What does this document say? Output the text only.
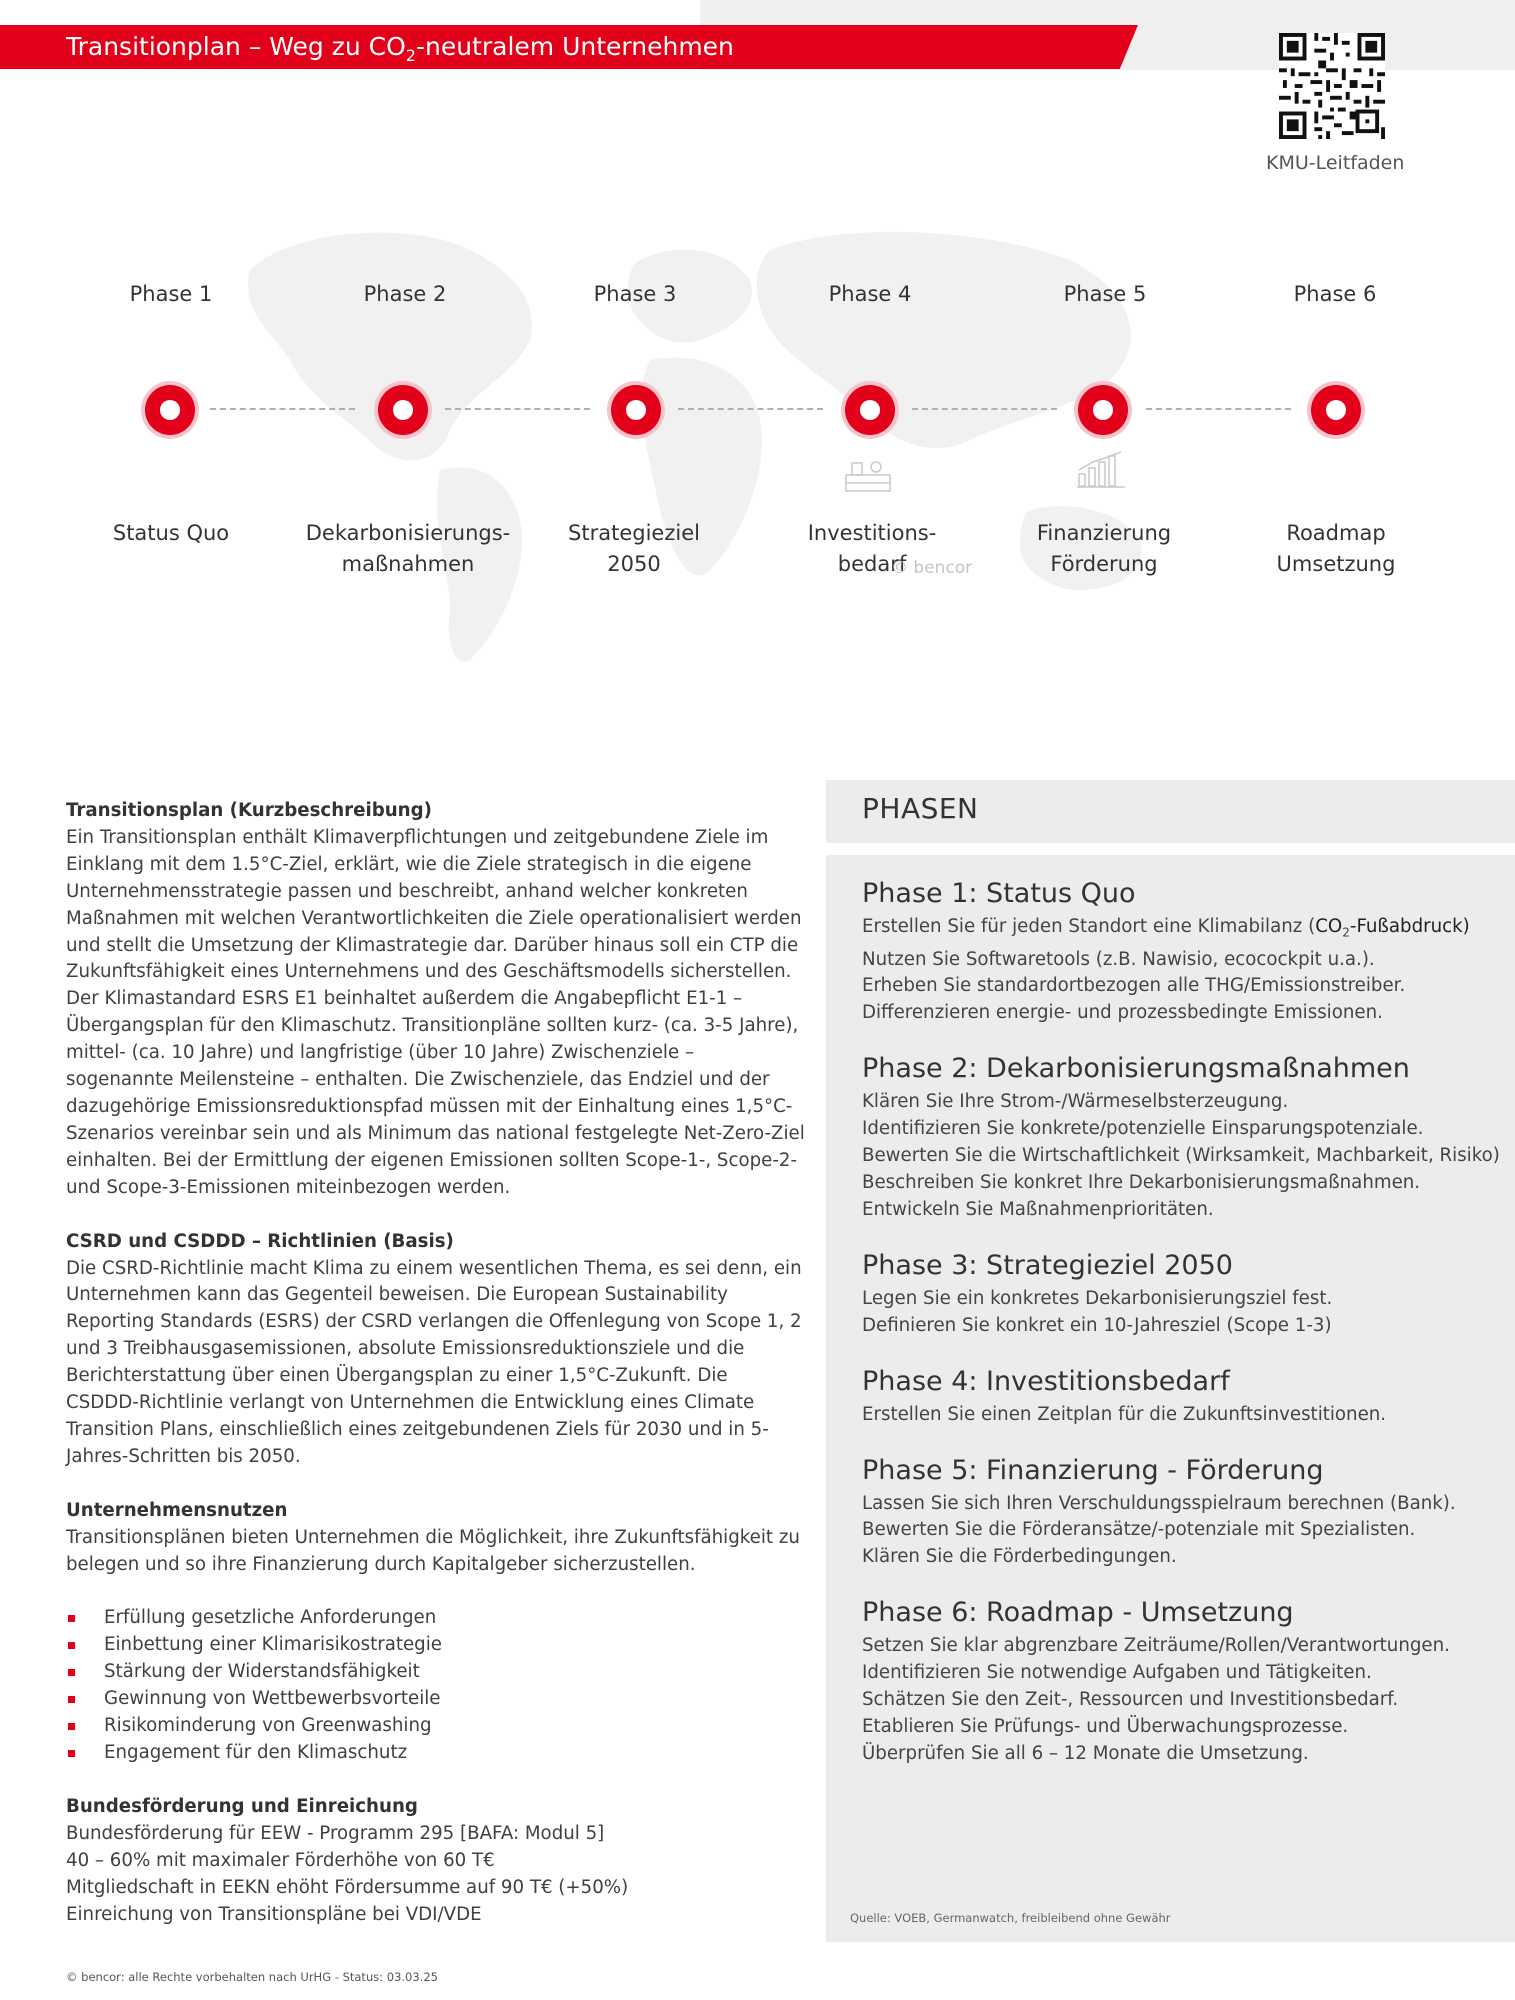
Transitionplan – Weg zu $CO_2$-neutralem Unternehmen
KMU-Leitfaden
Phase 1	Phase 2	Phase 3	Phase 4	Phase 5	Phase 6
Status Quo	Dekarbonisierungs-
maßnahmen
Strategieziel
2050
Investitions-
bedarf
Finanzierung
Förderung
Roadmap
Umsetzung
© bencor
Transitionsplan (Kurzbeschreibung)

Ein Transitionsplan enthält Klimaverpflichtungen und zeitgebundene Ziele im Einklang mit dem 1.5°C-Ziel, erklärt, wie die Ziele strategisch in die eigene Unternehmensstrategie passen und beschreibt, anhand welcher konkreten Maßnahmen mit welchen Verantwortlichkeiten die Ziele operationalisiert werden und stellt die Umsetzung der Klimastrategie dar. Darüber hinaus soll ein CTP die Zukunftsfähigkeit eines Unternehmens und des Geschäftsmodells sicherstellen. Der Klimastandard ESRS E1 beinhaltet außerdem die Angabepflicht E1-1 – Übergangsplan für den Klimaschutz. Transitionpläne sollten kurz- (ca. 3-5 Jahre), mittel- (ca. 10 Jahre) und langfristige (über 10 Jahre) Zwischenziele – sogenannte Meilensteine – enthalten. Die Zwischenziele, das Endziel und der dazugehörige Emissionsreduktionspfad müssen mit der Einhaltung eines 1,5°C-Szenarios vereinbar sein und als Minimum das national festgelegte Net-Zero-Ziel einhalten. Bei der Ermittlung der eigenen Emissionen sollten Scope-1-, Scope-2- und Scope-3-Emissionen miteinbezogen werden.

CSRD und CSDDD – Richtlinien (Basis)

Die CSRD-Richtlinie macht Klima zu einem wesentlichen Thema, es sei denn, ein Unternehmen kann das Gegenteil beweisen. Die European Sustainability Reporting Standards (ESRS) der CSRD verlangen die Offenlegung von Scope 1, 2 und 3 Treibhausgasemissionen, absolute Emissionsreduktionsziele und die Berichterstattung über einen Übergangsplan zu einer 1,5°C-Zukunft. Die CSDDD-Richtlinie verlangt von Unternehmen die Entwicklung eines Climate Transition Plans, einschließlich eines zeitgebundenen Ziels für 2030 und in 5-Jahres-Schritten bis 2050.

Unternehmensnutzen

Transitionsplänen bieten Unternehmen die Möglichkeit, ihre Zukunftsfähigkeit zu belegen und so ihre Finanzierung durch Kapitalgeber sicherzustellen.

Erfüllung gesetzliche Anforderungen
Einbettung einer Klimarisikostrategie
Stärkung der Widerstandsfähigkeit
Gewinnung von Wettbewerbsvorteile
Risikominderung von Greenwashing
Engagement für den Klimaschutz
Bundesförderung und Einreichung

Bundesförderung für EEW - Programm 295 [BAFA: Modul 5]

40 – 60% mit maximaler Förderhöhe von 60 T€

Mitgliedschaft in EEKN ehöht Fördersumme auf 90 T€ (+50%)

Einreichung von Transitionspläne bei VDI/VDE

© bencor: alle Rechte vorbehalten nach UrHG - Status: 03.03.25
PHASEN
Phase 1: Status Quo

Erstellen Sie für jeden Standort eine Klimabilanz $(CO_2-Fußabdruck)$

Nutzen Sie Softwaretools (z.B. Nawisio, ecocockpit u.a.).

Erheben Sie standardortbezogen alle THG/Emissionstreiber.

Differenzieren energie- und prozessbedingte Emissionen.

Phase 2: Dekarbonisierungsmaßnahmen

Klären Sie Ihre Strom-/Wärmeselbsterzeugung.

Identifizieren Sie konkrete/potenzielle Einsparungspotenziale.

Bewerten Sie die Wirtschaftlichkeit (Wirksamkeit, Machbarkeit, Risiko)

Beschreiben Sie konkret Ihre Dekarbonisierungsmaßnahmen.

Entwickeln Sie Maßnahmenprioritäten.

Phase 3: Strategieziel 2050

Legen Sie ein konkretes Dekarbonisierungsziel fest.

Definieren Sie konkret ein 10-Jahresziel (Scope 1-3)

Phase 4: Investitionsbedarf

Erstellen Sie einen Zeitplan für die Zukunftsinvestitionen.

Phase 5: Finanzierung - Förderung

Lassen Sie sich Ihren Verschuldungsspielraum berechnen (Bank).

Bewerten Sie die Förderansätze/-potenziale mit Spezialisten.

Klären Sie die Förderbedingungen.

Phase 6: Roadmap - Umsetzung

Setzen Sie klar abgrenzbare Zeiträume/Rollen/Verantwortungen.

Identifizieren Sie notwendige Aufgaben und Tätigkeiten.

Schätzen Sie den Zeit-, Ressourcen und Investitionsbedarf.

Etablieren Sie Prüfungs- und Überwachungsprozesse.

Überprüfen Sie all 6 – 12 Monate die Umsetzung.

Quelle: VOEB, Germanwatch, freibleibend ohne Gewähr
